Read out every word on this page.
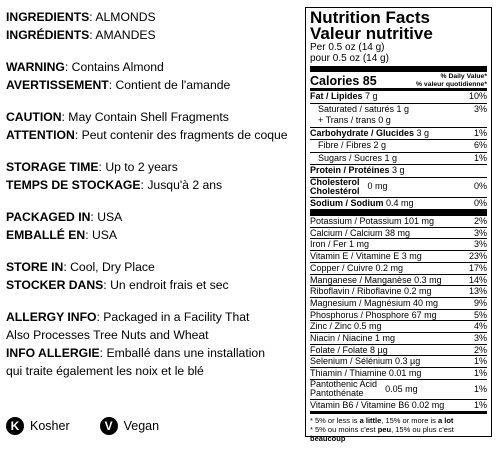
INGREDIENTS: ALMONDS
INGRÉDIENTS: AMANDES
WARNING: Contains Almond
AVERTISSEMENT: Contient de l'amande
CAUTION: May Contain Shell Fragments
ATTENTION: Peut contenir des fragments de coque
STORAGE TIME: Up to 2 years
TEMPS DE STOCKAGE: Jusqu'à 2 ans
PACKAGED IN: USA
EMBALLÉ EN: USA
STORE IN: Cool, Dry Place
STOCKER DANS: Un endroit frais et sec
ALLERGY INFO: Packaged in a Facility That
Also Processes Tree Nuts and Wheat
INFO ALLERGIE: Emballé dans une installation
qui traite également les noix et le blé
K Kosher	V Vegan
Nutrition Facts
Valeur nutritive
Per 0.5 oz (14 g)
pour 0.5 oz (14 g)
Calories 85	% Daily Value*
% valeur quotidienne*
Fat / Lipides 7 g	10%
Saturated / saturés 1 g	3%
+ Trans / trans 0 g
Carbohydrate / Glucides 3 g	1%
Fibre / Fibres 2 g	6%
Sugars / Sucres 1 g	1%
Protein / Protéines 3 g
Cholesterol
Cholestérol 0 mg	0%
Sodium / Sodium 0.4 mg	0%
Potassium / Potassium 101 mg	2%
Calcium / Calcium 38 mg	3%
Iron / Fer 1 mg	3%
Vitamin E / Vitamine E 3 mg	23%
Copper / Cuivre 0.2 mg	17%
Manganese / Manganèse 0.3 mg	14%
Riboflavin / Riboflavine 0.2 mg	13%
Magnesium / Magnésium 40 mg	9%
Phosphorus / Phosphore 67 mg	5%
Zinc / Zinc 0.5 mg	4%
Niacin / Niacine 1 mg	3%
Folate / Folate 8 µg	2%
Selenium / Sélénium 0.3 µg	1%
Thiamin / Thiamine 0.01 mg	1%
Pantothenic Acid
Pantothénate	0.05 mg	1%
Vitamin B6 / Vitamine B6 0.02 mg	1%
* 5% or less is a little, 15% or more is a lot
* 5% ou moins c'est peu, 15% ou plus c'est
beaucoup
